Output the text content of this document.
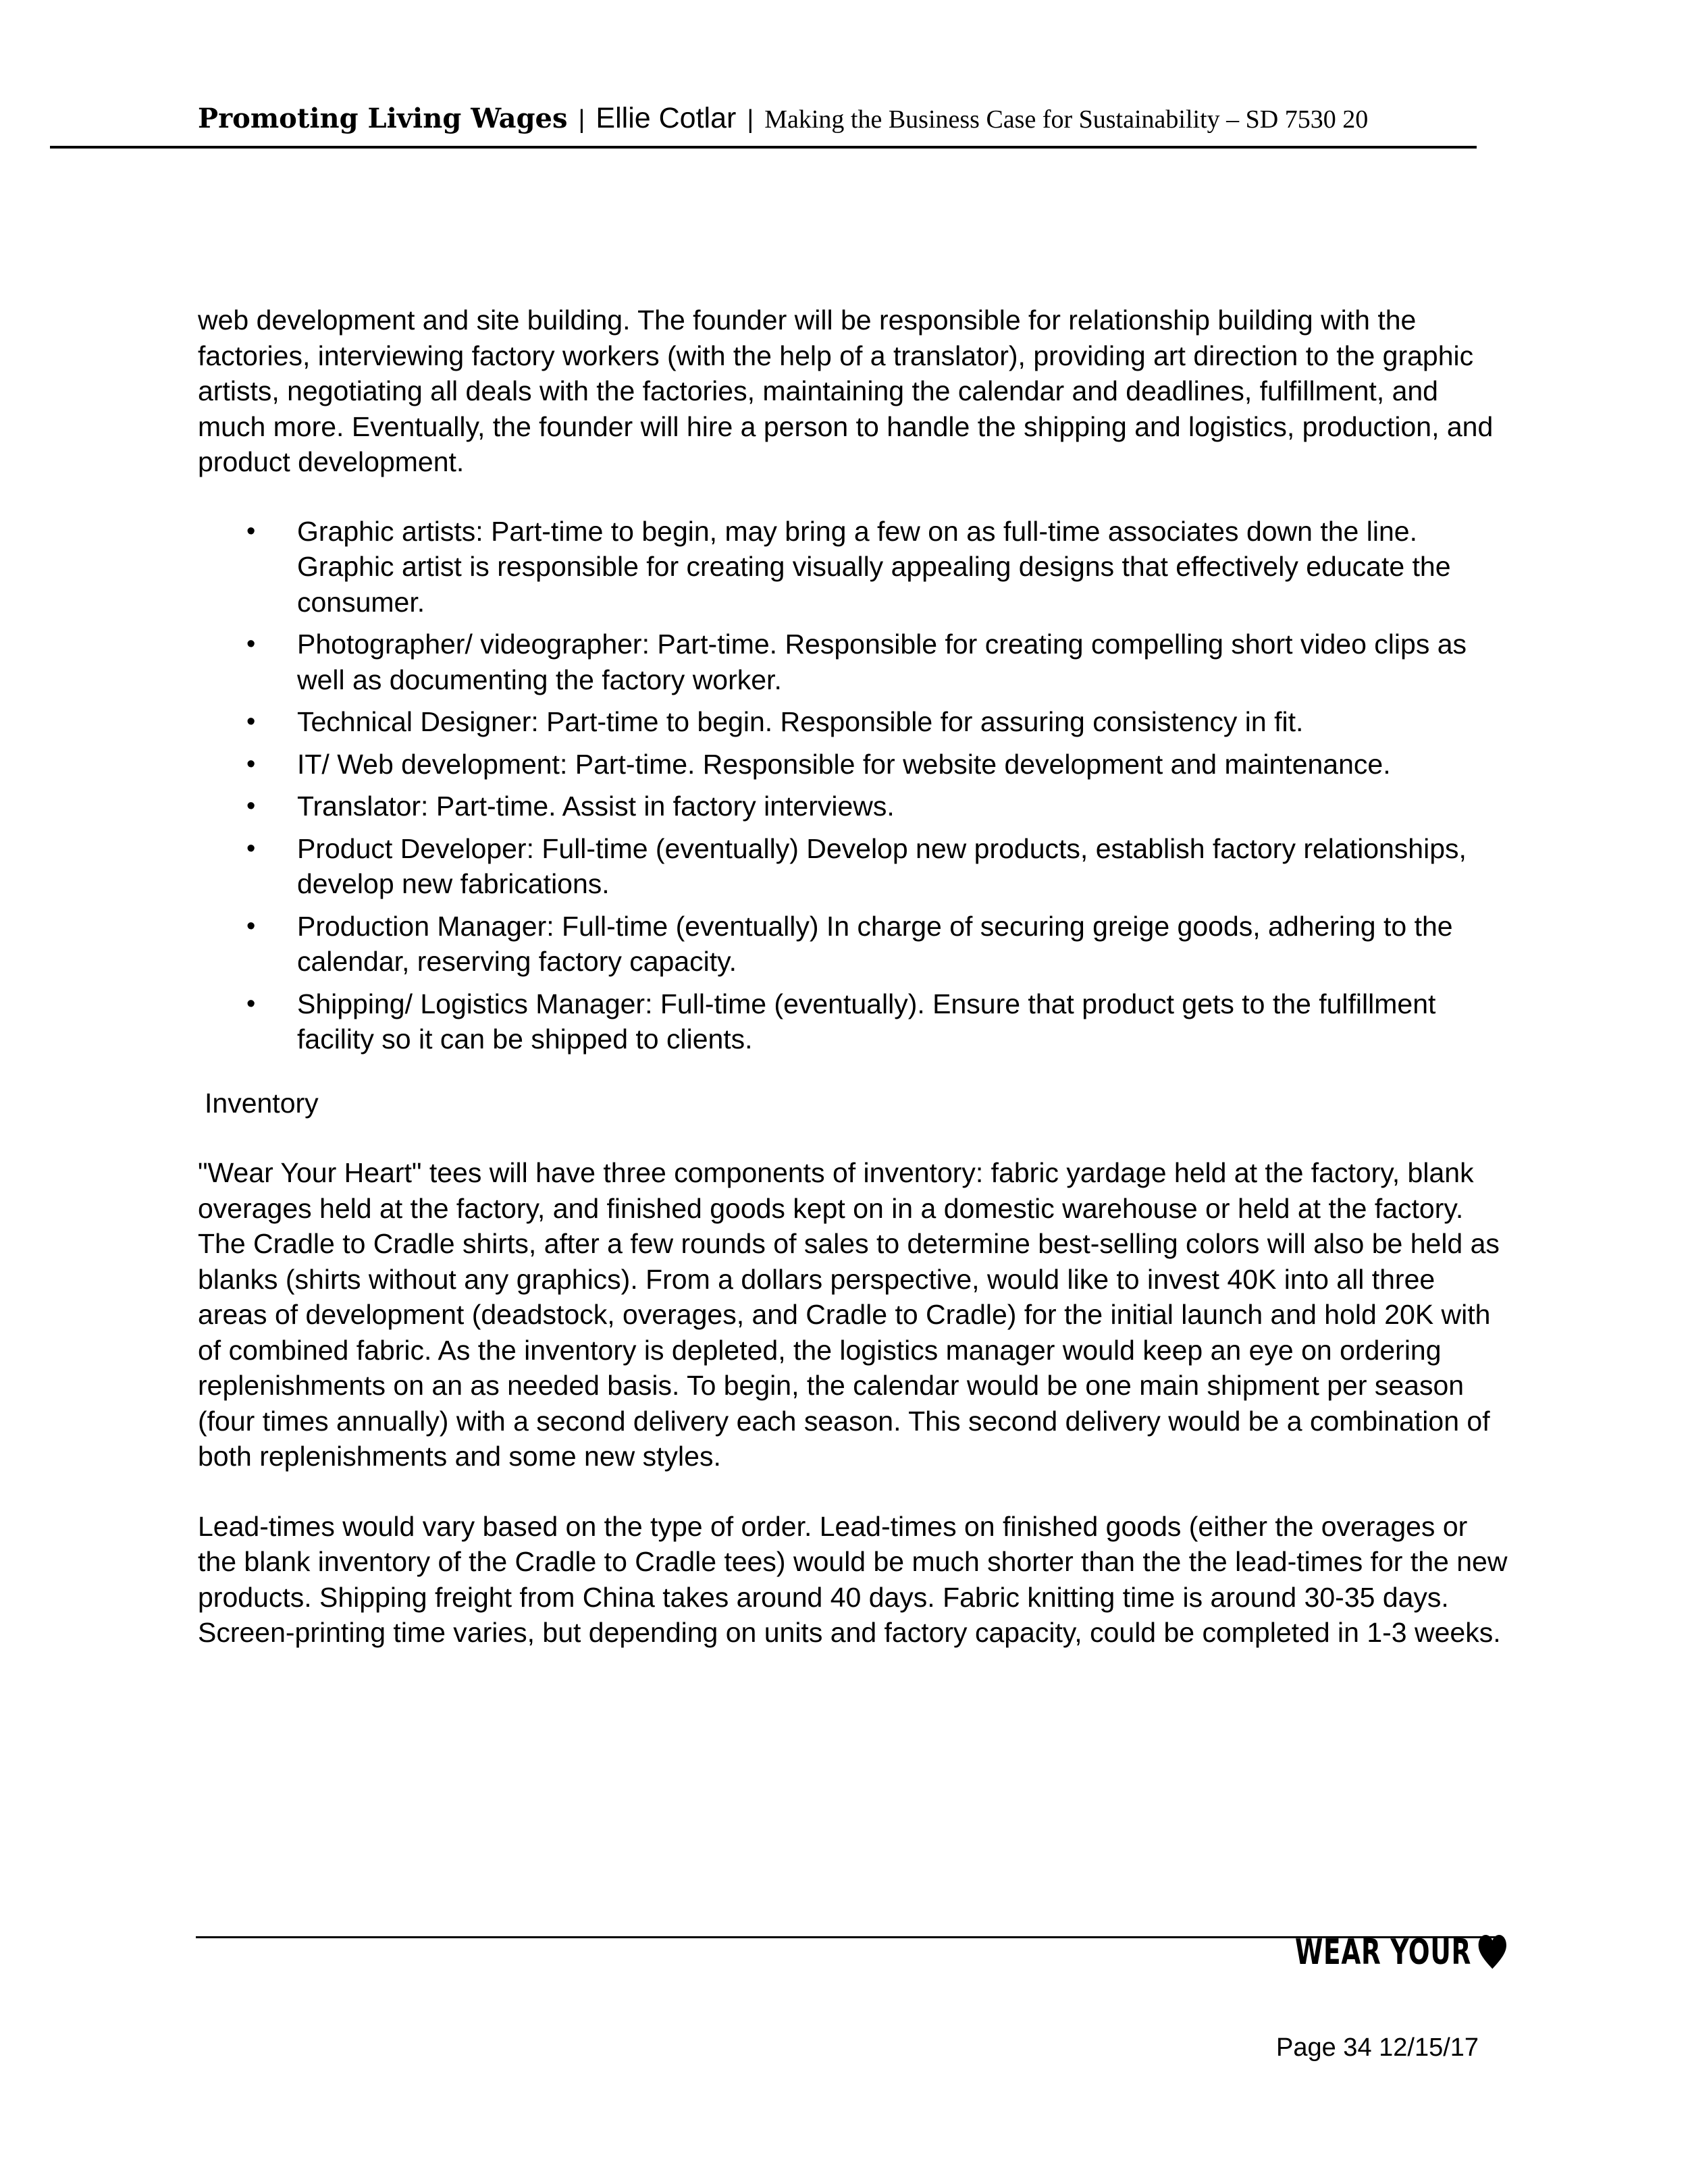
Promoting Living Wages | Ellie Cotlar | Making the Business Case for Sustainability – SD 7530 20

web development and site building. The founder will be responsible for relationship building with the factories, interviewing factory workers (with the help of a translator), providing art direction to the graphic artists, negotiating all deals with the factories, maintaining the calendar and deadlines, fulfillment, and much more. Eventually, the founder will hire a person to handle the shipping and logistics, production, and product development.

• Graphic artists: Part-time to begin, may bring a few on as full-time associates down the line. Graphic artist is responsible for creating visually appealing designs that effectively educate the consumer.
• Photographer/ videographer: Part-time. Responsible for creating compelling short video clips as well as documenting the factory worker.
• Technical Designer: Part-time to begin. Responsible for assuring consistency in fit.
• IT/ Web development: Part-time. Responsible for website development and maintenance.
• Translator: Part-time. Assist in factory interviews.
• Product Developer: Full-time (eventually) Develop new products, establish factory relationships, develop new fabrications.
• Production Manager: Full-time (eventually) In charge of securing greige goods, adhering to the calendar, reserving factory capacity.
• Shipping/ Logistics Manager: Full-time (eventually). Ensure that product gets to the fulfillment facility so it can be shipped to clients.

Inventory

"Wear Your Heart" tees will have three components of inventory: fabric yardage held at the factory, blank overages held at the factory, and finished goods kept on in a domestic warehouse or held at the factory. The Cradle to Cradle shirts, after a few rounds of sales to determine best-selling colors will also be held as blanks (shirts without any graphics). From a dollars perspective, would like to invest 40K into all three areas of development (deadstock, overages, and Cradle to Cradle) for the initial launch and hold 20K with of combined fabric. As the inventory is depleted, the logistics manager would keep an eye on ordering replenishments on an as needed basis. To begin, the calendar would be one main shipment per season (four times annually) with a second delivery each season. This second delivery would be a combination of both replenishments and some new styles.

Lead-times would vary based on the type of order. Lead-times on finished goods (either the overages or the blank inventory of the Cradle to Cradle tees) would be much shorter than the the lead-times for the new products. Shipping freight from China takes around 40 days. Fabric knitting time is around 30-35 days. Screen-printing time varies, but depending on units and factory capacity, could be completed in 1-3 weeks.

WEAR YOUR
Page 34 12/15/17
